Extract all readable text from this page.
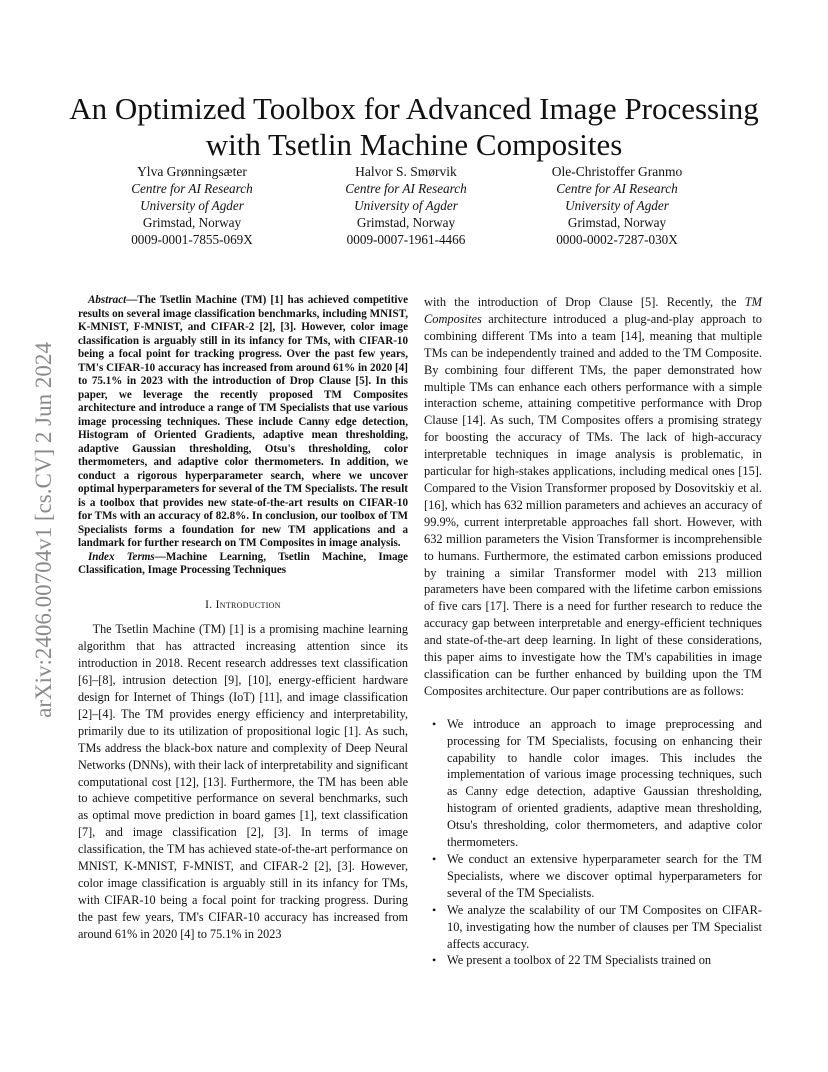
An Optimized Toolbox for Advanced Image Processing with Tsetlin Machine Composites
Ylva Grønningsæter
Centre for AI Research
University of Agder
Grimstad, Norway
0009-0001-7855-069X
Halvor S. Smørvik
Centre for AI Research
University of Agder
Grimstad, Norway
0009-0007-1961-4466
Ole-Christoffer Granmo
Centre for AI Research
University of Agder
Grimstad, Norway
0000-0002-7287-030X
arXiv:2406.00704v1 [cs.CV] 2 Jun 2024

Abstract—The Tsetlin Machine (TM) [1] has achieved competitive results on several image classification benchmarks, including MNIST, K-MNIST, F-MNIST, and CIFAR-2 [2], [3]. However, color image classification is arguably still in its infancy for TMs, with CIFAR-10 being a focal point for tracking progress. Over the past few years, TM's CIFAR-10 accuracy has increased from around 61% in 2020 [4] to 75.1% in 2023 with the introduction of Drop Clause [5]. In this paper, we leverage the recently proposed TM Composites architecture and introduce a range of TM Specialists that use various image processing techniques. These include Canny edge detection, Histogram of Oriented Gradients, adaptive mean thresholding, adaptive Gaussian thresholding, Otsu's thresholding, color thermometers, and adaptive color thermometers. In addition, we conduct a rigorous hyperparameter search, where we uncover optimal hyperparameters for several of the TM Specialists. The result is a toolbox that provides new state-of-the-art results on CIFAR-10 for TMs with an accuracy of 82.8%. In conclusion, our toolbox of TM Specialists forms a foundation for new TM applications and a landmark for further research on TM Composites in image analysis.

Index Terms—Machine Learning, Tsetlin Machine, Image Classification, Image Processing Techniques

I. Introduction

The Tsetlin Machine (TM) [1] is a promising machine learning algorithm that has attracted increasing attention since its introduction in 2018. Recent research addresses text classification [6]–[8], intrusion detection [9], [10], energy-efficient hardware design for Internet of Things (IoT) [11], and image classification [2]–[4]. The TM provides energy efficiency and interpretability, primarily due to its utilization of propositional logic [1]. As such, TMs address the black-box nature and complexity of Deep Neural Networks (DNNs), with their lack of interpretability and significant computational cost [12], [13]. Furthermore, the TM has been able to achieve competitive performance on several benchmarks, such as optimal move prediction in board games [1], text classification [7], and image classification [2], [3]. In terms of image classification, the TM has achieved state-of-the-art performance on MNIST, K-MNIST, F-MNIST, and CIFAR-2 [2], [3]. However, color image classification is arguably still in its infancy for TMs, with CIFAR-10 being a focal point for tracking progress. During the past few years, TM's CIFAR-10 accuracy has increased from around 61% in 2020 [4] to 75.1% in 2023

with the introduction of Drop Clause [5]. Recently, the TM Composites architecture introduced a plug-and-play approach to combining different TMs into a team [14], meaning that multiple TMs can be independently trained and added to the TM Composite. By combining four different TMs, the paper demonstrated how multiple TMs can enhance each others performance with a simple interaction scheme, attaining competitive performance with Drop Clause [14]. As such, TM Composites offers a promising strategy for boosting the accuracy of TMs. The lack of high-accuracy interpretable techniques in image analysis is problematic, in particular for high-stakes applications, including medical ones [15]. Compared to the Vision Transformer proposed by Dosovitskiy et al. [16], which has 632 million parameters and achieves an accuracy of 99.9%, current interpretable approaches fall short. However, with 632 million parameters the Vision Transformer is incomprehensible to humans. Furthermore, the estimated carbon emissions produced by training a similar Transformer model with 213 million parameters have been compared with the lifetime carbon emissions of five cars [17]. There is a need for further research to reduce the accuracy gap between interpretable and energy-efficient techniques and state-of-the-art deep learning. In light of these considerations, this paper aims to investigate how the TM's capabilities in image classification can be further enhanced by building upon the TM Composites architecture. Our paper contributions are as follows:

• We introduce an approach to image preprocessing and processing for TM Specialists, focusing on enhancing their capability to handle color images. This includes the implementation of various image processing techniques, such as Canny edge detection, adaptive Gaussian thresholding, histogram of oriented gradients, adaptive mean thresholding, Otsu's thresholding, color thermometers, and adaptive color thermometers.
• We conduct an extensive hyperparameter search for the TM Specialists, where we discover optimal hyperparameters for several of the TM Specialists.
• We analyze the scalability of our TM Composites on CIFAR-10, investigating how the number of clauses per TM Specialist affects accuracy.
• We present a toolbox of 22 TM Specialists trained on
